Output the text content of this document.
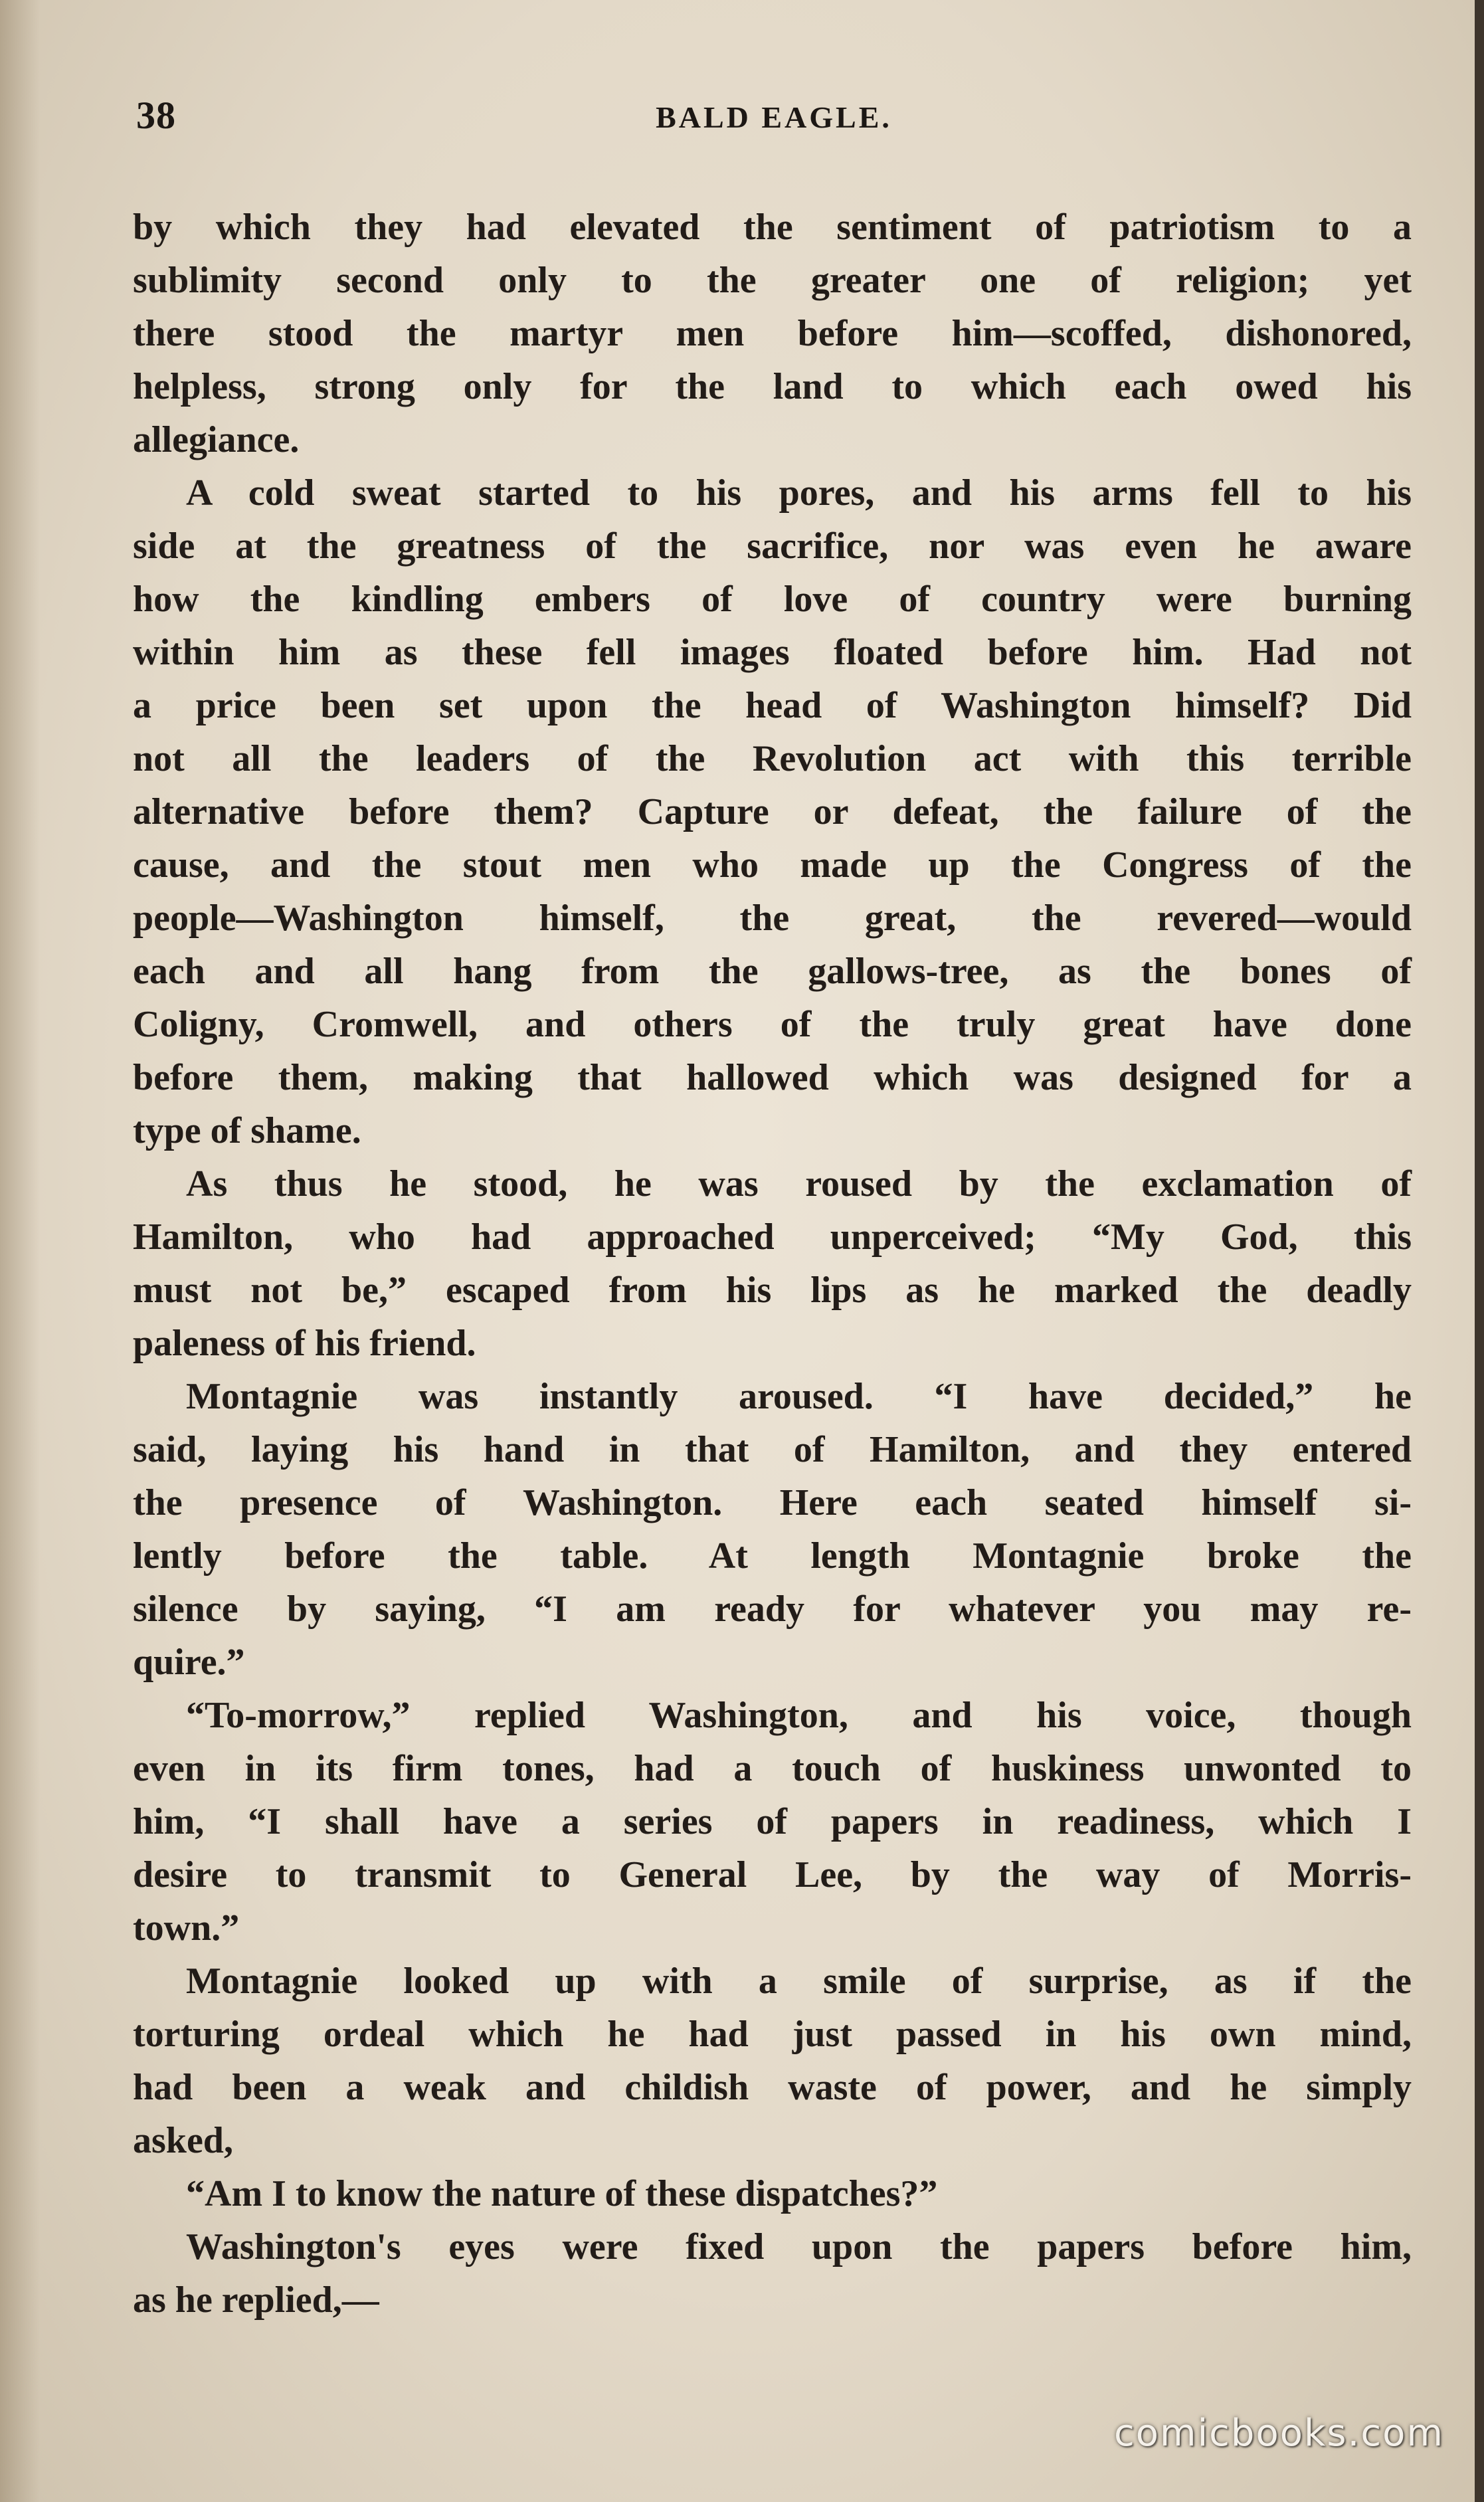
38	BALD EAGLE.
by which they had elevated the sentiment of patriotism to a
sublimity second only to the greater one of religion; yet
there stood the martyr men before him—scoffed, dishonored,
helpless, strong only for the land to which each owed his
allegiance.
A cold sweat started to his pores, and his arms fell to his
side at the greatness of the sacrifice, nor was even he aware
how the kindling embers of love of country were burning
within him as these fell images floated before him. Had not
a price been set upon the head of Washington himself? Did
not all the leaders of the Revolution act with this terrible
alternative before them? Capture or defeat, the failure of the
cause, and the stout men who made up the Congress of the
people—Washington himself, the great, the revered—would
each and all hang from the gallows-tree, as the bones of
Coligny, Cromwell, and others of the truly great have done
before them, making that hallowed which was designed for a
type of shame.
As thus he stood, he was roused by the exclamation of
Hamilton, who had approached unperceived; “My God, this
must not be,” escaped from his lips as he marked the deadly
paleness of his friend.
Montagnie was instantly aroused. “I have decided,” he
said, laying his hand in that of Hamilton, and they entered
the presence of Washington. Here each seated himself si-
lently before the table. At length Montagnie broke the
silence by saying, “I am ready for whatever you may re-
quire.”
“To-morrow,” replied Washington, and his voice, though
even in its firm tones, had a touch of huskiness unwonted to
him, “I shall have a series of papers in readiness, which I
desire to transmit to General Lee, by the way of Morris-
town.”
Montagnie looked up with a smile of surprise, as if the
torturing ordeal which he had just passed in his own mind,
had been a weak and childish waste of power, and he simply
asked,
“Am I to know the nature of these dispatches?”
Washington's eyes were fixed upon the papers before him,
as he replied,—
comicbooks.com
